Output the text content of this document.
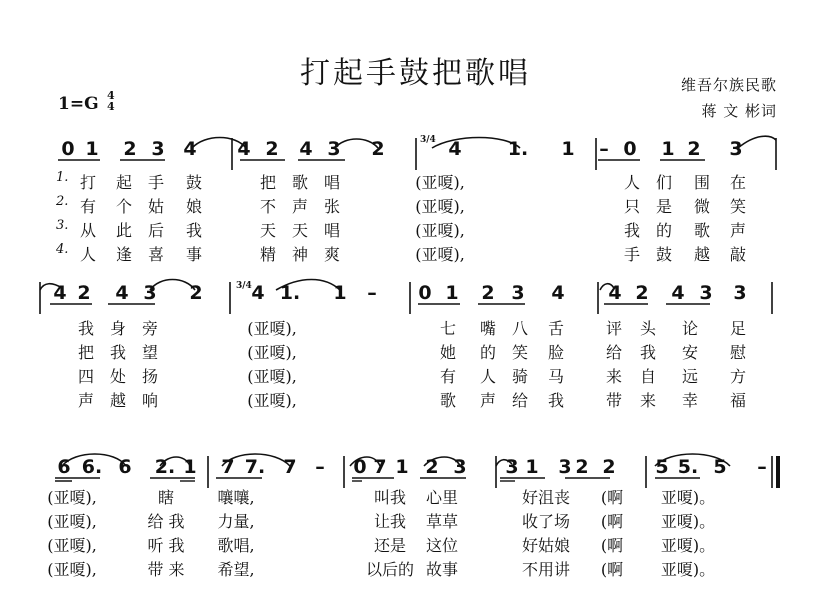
打起手鼓把歌唱	维吾尔族民歌
蒋 文 彬词
1=G 4
4
0 1 2 3 4 4 2 4 3 2	4 1. 1 – 0 1 2 3
1. 打 起 手 鼓	把 歌 唱	(亚嗄),	人 们 围 在
2. 有 个 姑 娘	不 声 张	(亚嗄),	只 是 微 笑
3. 从 此 后 我	天 天 唱	(亚嗄),	我 的 歌 声
4. 人 逢 喜 事	精 神 爽	(亚嗄),	手 鼓 越 敲
4 2 4 3 2	4 1. 1 – 0 1 2 3 4 4 2 4 3 3
我 身 旁	(亚嗄),	七 嘴 八 舌	评 头 论 足
把 我 望	(亚嗄),	她 的 笑 脸	给 我 安 慰
四 处 扬	(亚嗄),	有 人 骑 马	来 自 远 方
声 越 响	(亚嗄),	歌 声 给 我	带 来 幸 福
6 6. 6 2. 1 7 7. 7 – 0 7 1 2 3 3 1 3 2 2 5 5. 5 –
(亚嗄),	瞎	嚷嚷,	叫我 心里	好沮丧 (啊 亚嗄)。
(亚嗄),	给 我 力量,	让我 草草	收了场 (啊 亚嗄)。
(亚嗄),	听 我 歌唱,	还是 这位	好姑娘 (啊 亚嗄)。
(亚嗄),	带 来 希望,	以后的 故事	不用讲 (啊 亚嗄)。
3/4
3/4
